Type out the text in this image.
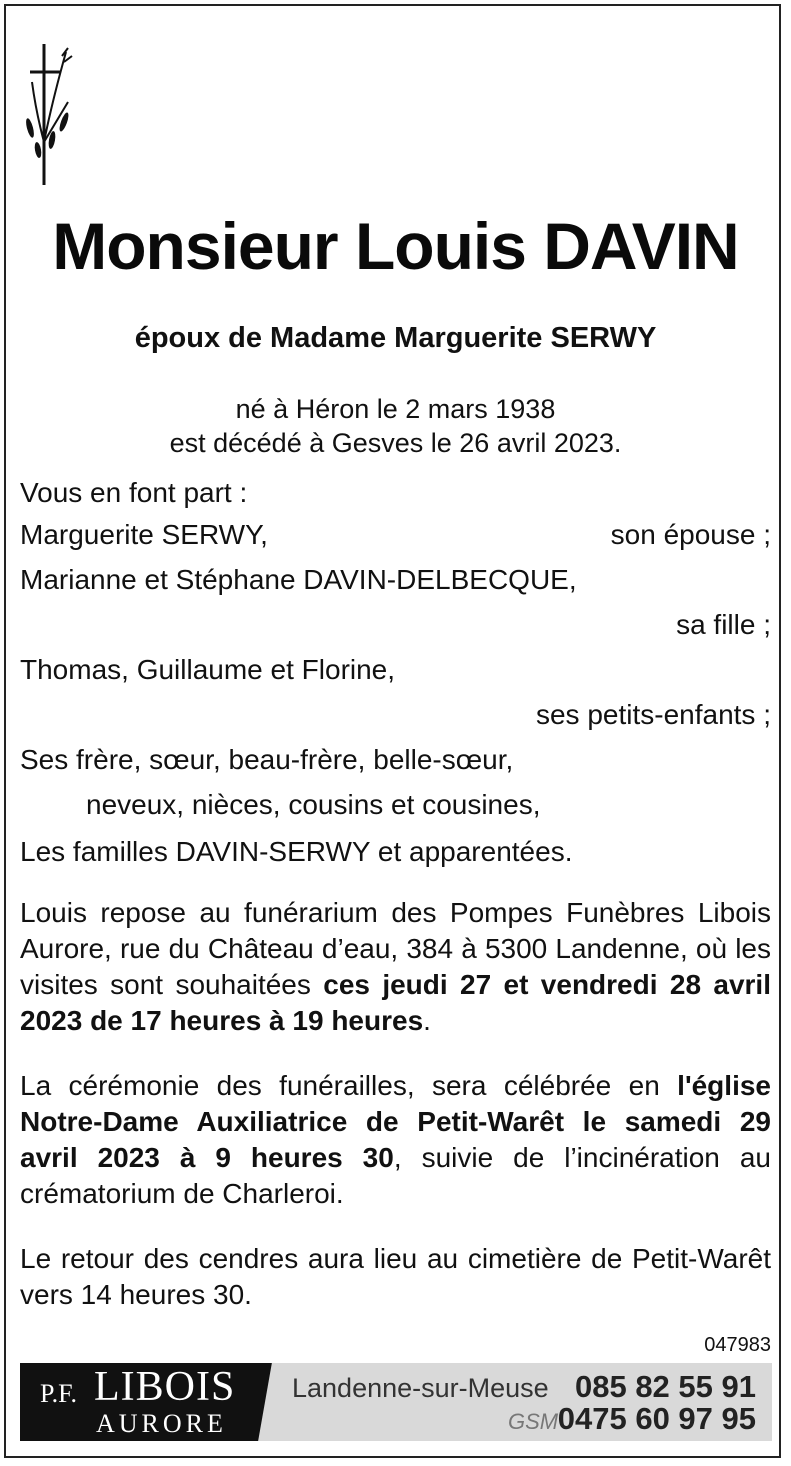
Monsieur Louis DAVIN
époux de Madame Marguerite SERWY
né à Héron le 2 mars 1938
est décédé à Gesves le 26 avril 2023.
Vous en font part :
Marguerite SERWY,	son épouse ;
Marianne et Stéphane DAVIN-DELBECQUE,
sa fille ;
Thomas, Guillaume et Florine,
ses petits-enfants ;
Ses frère, sœur, beau-frère, belle-sœur,
neveux, nièces, cousins et cousines,
Les familles DAVIN-SERWY et apparentées.
Louis repose au funérarium des Pompes Funèbres Libois Aurore, rue du Château d’eau, 384 à 5300 Landenne, où les visites sont souhaitées ces jeudi 27 et vendredi 28 avril 2023 de 17 heures à 19 heures.
La cérémonie des funérailles, sera célébrée en l'église Notre-Dame Auxiliatrice de Petit-Warêt le samedi 29 avril 2023 à 9 heures 30, suivie de l’incinération au crématorium de Charleroi.
Le retour des cendres aura lieu au cimetière de Petit-Warêt vers 14 heures 30.
047983
P.F. LIBOIS
AURORE
Landenne-sur-Meuse 085 82 55 91
GSM 0475 60 97 95
